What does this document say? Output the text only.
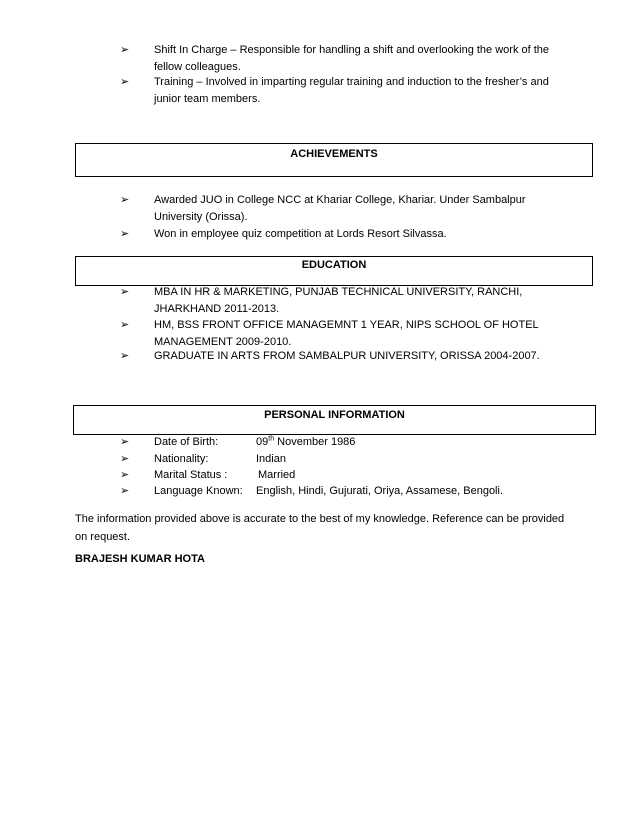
➢	Shift In Charge – Responsible for handling a shift and overlooking the work of the fellow colleagues.
➢	Training – Involved in imparting regular training and induction to the fresher’s and junior team members.
ACHIEVEMENTS
➢	Awarded JUO in College NCC at Khariar College, Khariar. Under Sambalpur University (Orissa).
➢	Won in employee quiz competition at Lords Resort Silvassa.
EDUCATION
➢	MBA IN HR & MARKETING, PUNJAB TECHNICAL UNIVERSITY, RANCHI, JHARKHAND 2011-2013.
➢	HM, BSS FRONT OFFICE MANAGEMNT 1 YEAR, NIPS SCHOOL OF HOTEL MANAGEMENT 2009-2010.
➢	GRADUATE IN ARTS FROM SAMBALPUR UNIVERSITY, ORISSA 2004-2007.
PERSONAL INFORMATION
➢ Date of Birth:	09th November 1986
➢ Nationality:	Indian
➢ Marital Status :	Married
➢ Language Known: English, Hindi, Gujurati, Oriya, Assamese, Bengoli.
The information provided above is accurate to the best of my knowledge. Reference can be provided on request.
BRAJESH KUMAR HOTA
